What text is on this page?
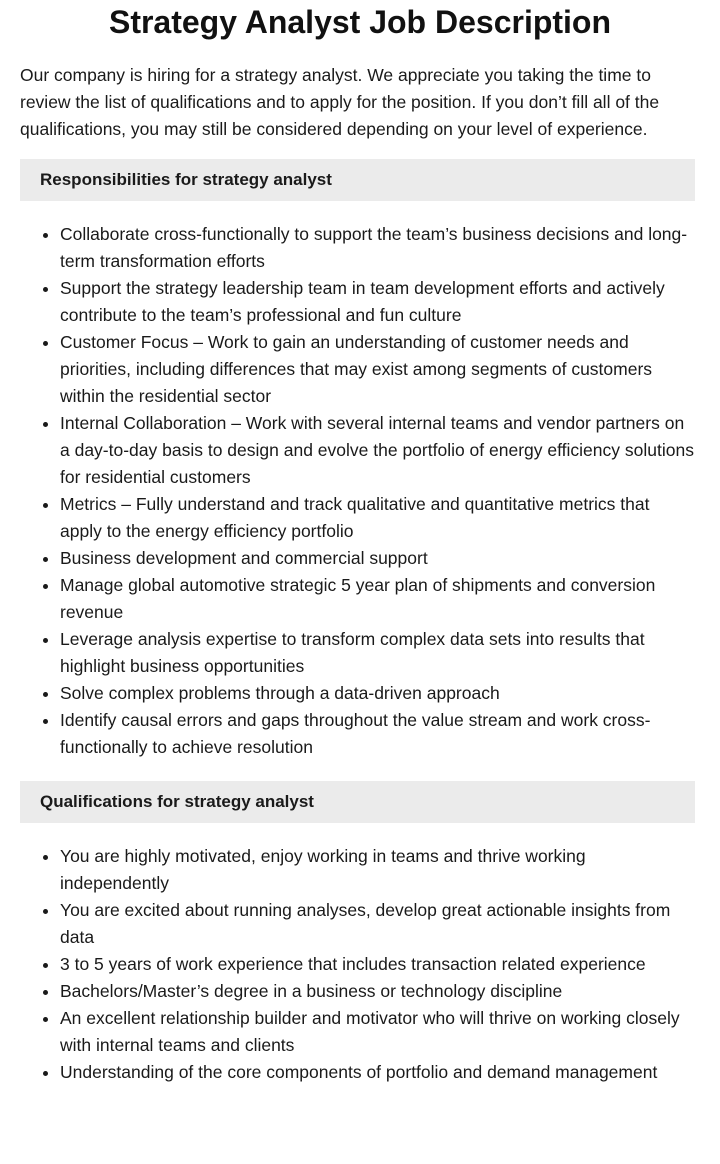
Strategy Analyst Job Description

Our company is hiring for a strategy analyst. We appreciate you taking the time to review the list of qualifications and to apply for the position. If you don’t fill all of the qualifications, you may still be considered depending on your level of experience.

Responsibilities for strategy analyst
• Collaborate cross-functionally to support the team’s business decisions and long-term transformation efforts
• Support the strategy leadership team in team development efforts and actively contribute to the team’s professional and fun culture
• Customer Focus – Work to gain an understanding of customer needs and priorities, including differences that may exist among segments of customers within the residential sector
• Internal Collaboration – Work with several internal teams and vendor partners on a day-to-day basis to design and evolve the portfolio of energy efficiency solutions for residential customers
• Metrics – Fully understand and track qualitative and quantitative metrics that apply to the energy efficiency portfolio
• Business development and commercial support
• Manage global automotive strategic 5 year plan of shipments and conversion revenue
• Leverage analysis expertise to transform complex data sets into results that highlight business opportunities
• Solve complex problems through a data-driven approach
• Identify causal errors and gaps throughout the value stream and work cross-functionally to achieve resolution
Qualifications for strategy analyst
• You are highly motivated, enjoy working in teams and thrive working independently
• You are excited about running analyses, develop great actionable insights from data
• 3 to 5 years of work experience that includes transaction related experience
• Bachelors/Master’s degree in a business or technology discipline
• An excellent relationship builder and motivator who will thrive on working closely with internal teams and clients
• Understanding of the core components of portfolio and demand management
